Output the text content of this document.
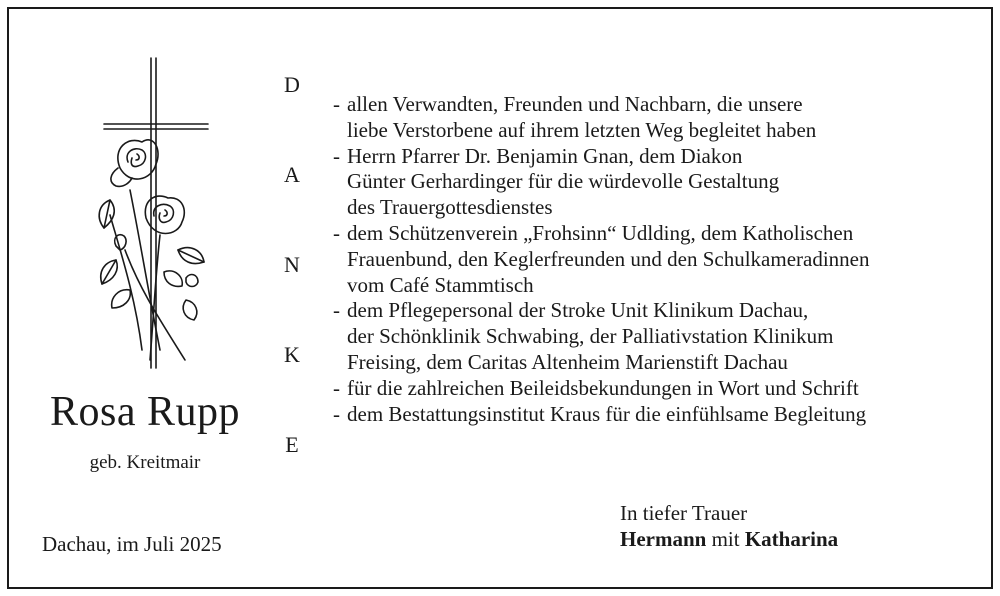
Rosa Rupp
geb. Kreitmair
Dachau, im Juli 2025
D
A
N
K
E
- allen Verwandten, Freunden und Nachbarn, die unsere
liebe Verstorbene auf ihrem letzten Weg begleitet haben
- Herrn Pfarrer Dr. Benjamin Gnan, dem Diakon
Günter Gerhardinger für die würdevolle Gestaltung
des Trauergottesdienstes
- dem Schützenverein „Frohsinn“ Udlding, dem Katholischen
Frauenbund, den Keglerfreunden und den Schulkameradinnen
vom Café Stammtisch
- dem Pflegepersonal der Stroke Unit Klinikum Dachau,
der Schönklinik Schwabing, der Palliativstation Klinikum
Freising, dem Caritas Altenheim Marienstift Dachau
- für die zahlreichen Beileidsbekundungen in Wort und Schrift
- dem Bestattungsinstitut Kraus für die einfühlsame Begleitung
In tiefer Trauer
Hermann mit Katharina
